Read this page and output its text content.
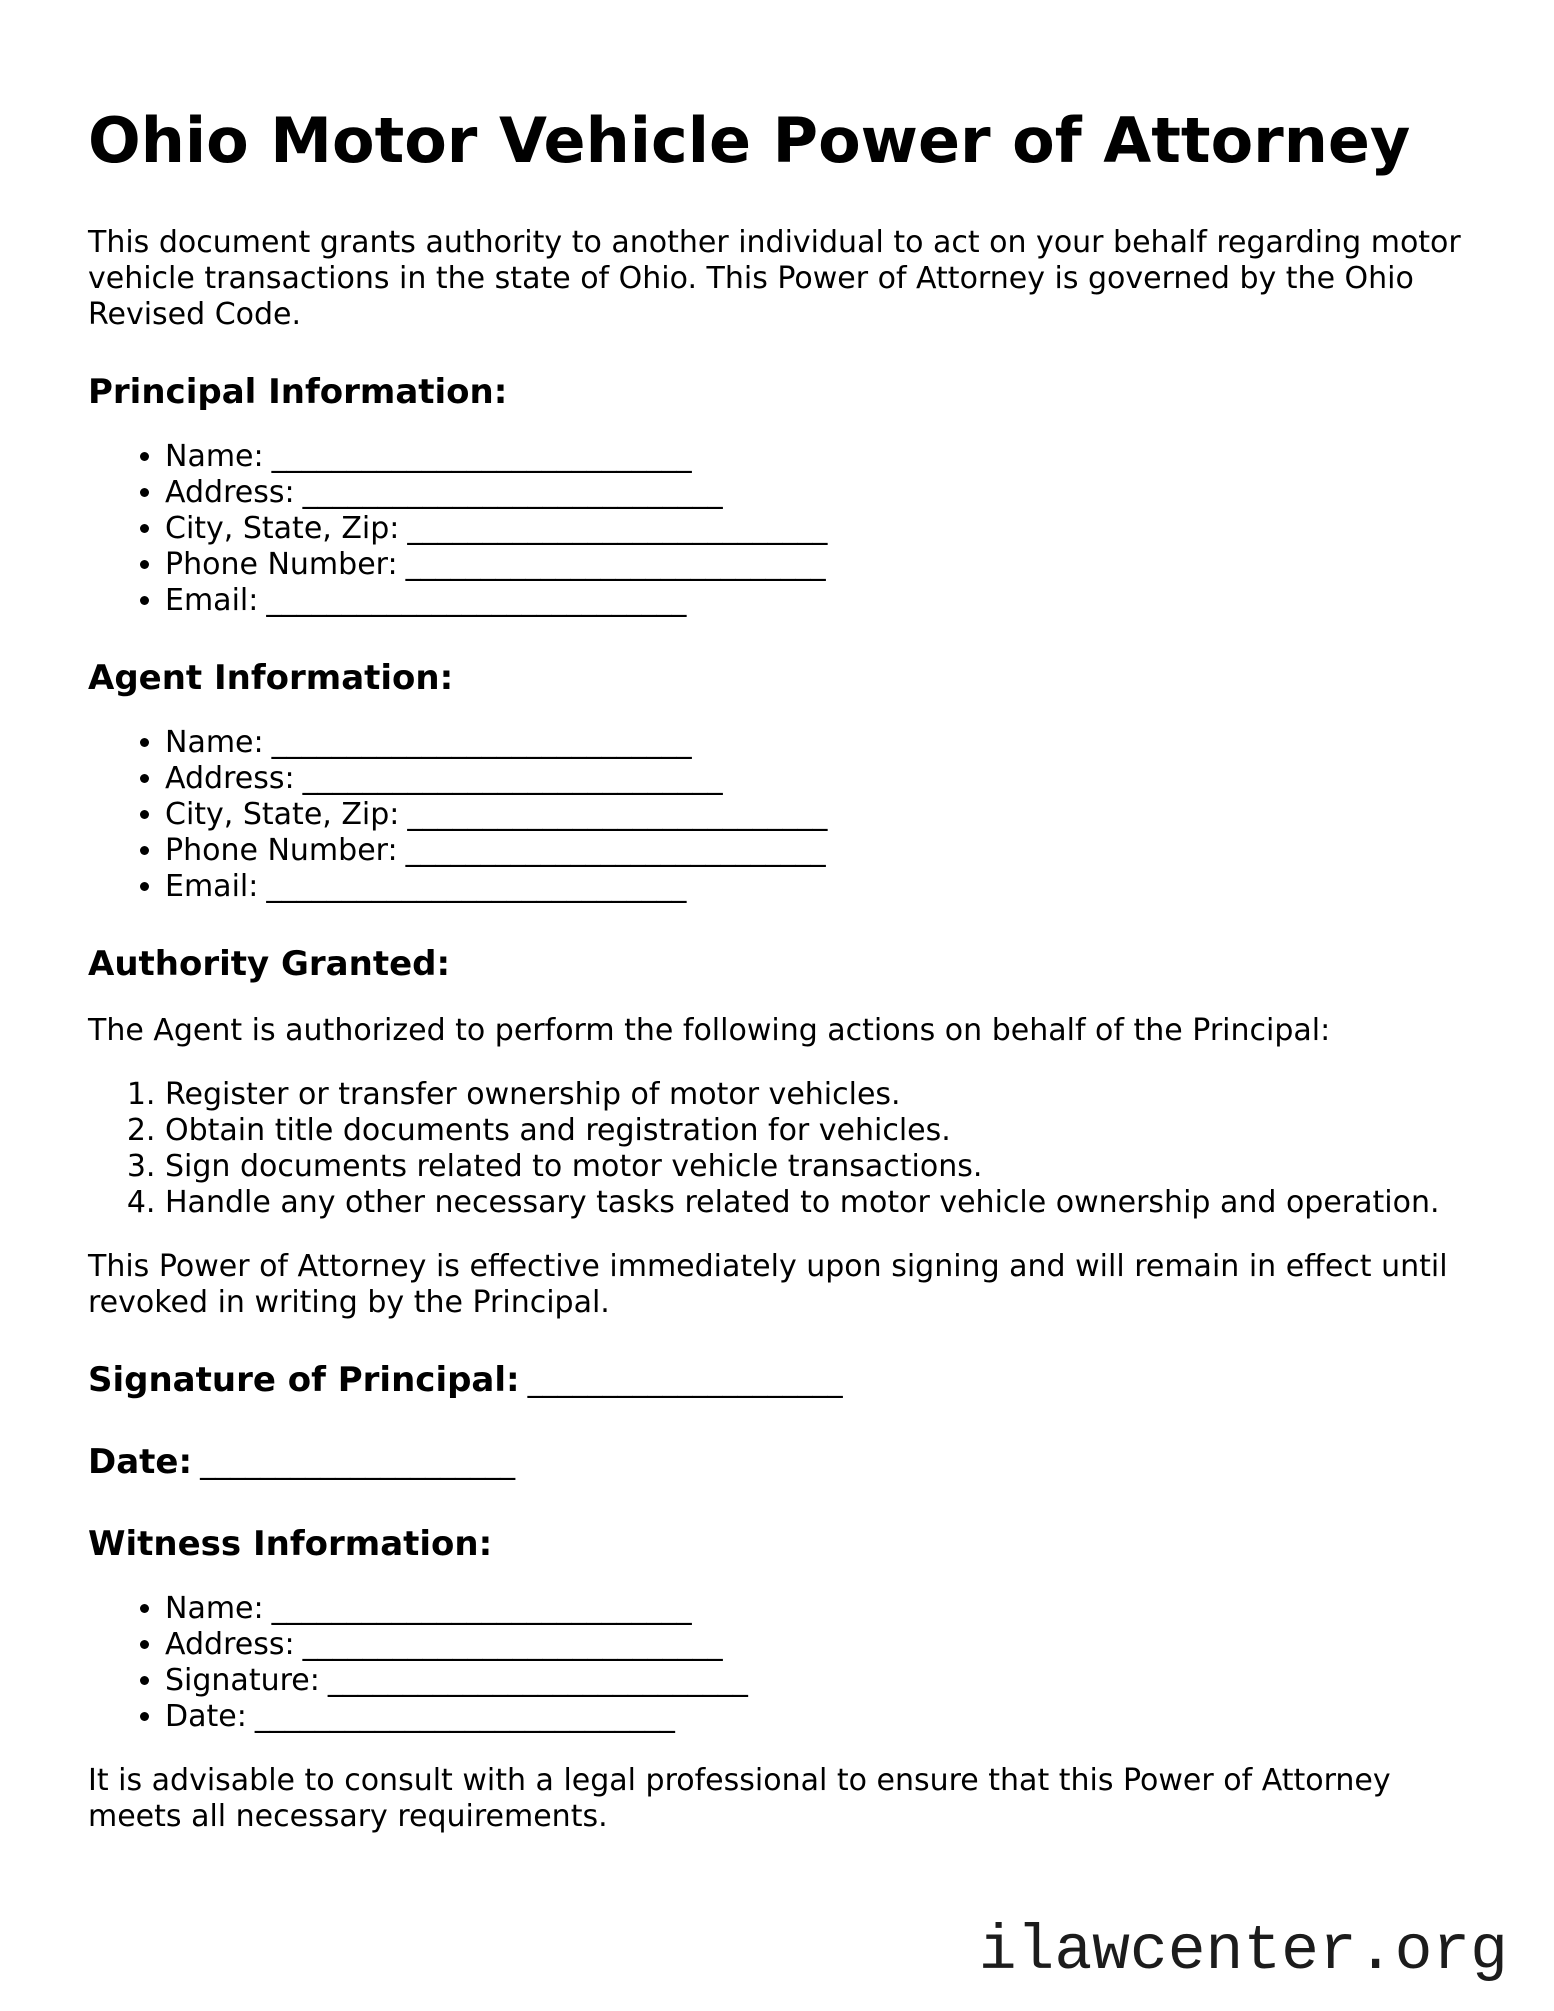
Ohio Motor Vehicle Power of Attorney

This document grants authority to another individual to act on your behalf regarding motor vehicle transactions in the state of Ohio. This Power of Attorney is governed by the Ohio Revised Code.

Principal Information:
• Name: ____________________________
• Address: ____________________________
• City, State, Zip: ____________________________
• Phone Number: ____________________________
• Email: ____________________________
Agent Information:
• Name: ____________________________
• Address: ____________________________
• City, State, Zip: ____________________________
• Phone Number: ____________________________
• Email: ____________________________
Authority Granted:

The Agent is authorized to perform the following actions on behalf of the Principal:

1. Register or transfer ownership of motor vehicles.
2. Obtain title documents and registration for vehicles.
3. Sign documents related to motor vehicle transactions.
4. Handle any other necessary tasks related to motor vehicle ownership and operation.

This Power of Attorney is effective immediately upon signing and will remain in effect until revoked in writing by the Principal.

Signature of Principal: _____________________
Date: _____________________
Witness Information:
• Name: ____________________________
• Address: ____________________________
• Signature: ____________________________
• Date: ____________________________

It is advisable to consult with a legal professional to ensure that this Power of Attorney meets all necessary requirements.

ilawcenter.org
